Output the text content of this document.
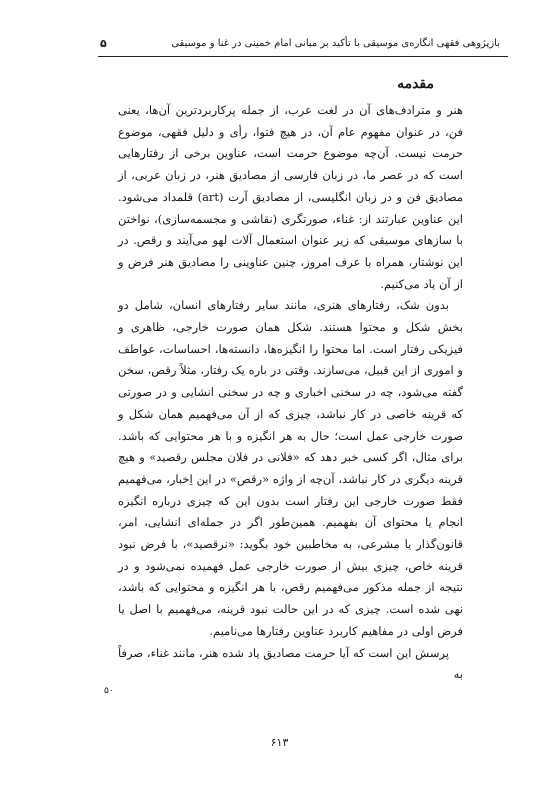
بازپژوهی فقهی انگاره‌ی موسیقی با تأکید بر مبانی امام خمینی در غنا و موسیقی
۵
مقدمه

هنر و مترادف‌های آن در لغت عرب، از جمله پرکاربردترین آن‌ها، یعنی فن، در عنوان مفهوم عام آن، در هیچ فتوا، رأی و دلیل فقهی، موضوع حرمت نیست. آن‌چه موضوع حرمت است، عناوین برخی از رفتارهایی است که در عصر ما، در زبان فارسی از مصادیق هنر، در زبان عربی، از مصادیق فن و در زبان انگلیسی، از مصادیق آرت (art) قلمداد می‌شود. این عناوین عبارتند از: غناء، صورتگری (نقاشی و مجسمه‌سازی)، نواختن با سازهای موسیقی که زیر عنوان استعمال آلات لهو می‌آیند و رقص. در این نوشتار، همراه با عرف امروز، چنین عناوینی را مصادیق هنر فرض و از آن یاد می‌کنیم.

بدون شک، رفتارهای هنری، مانند سایر رفتارهای انسان، شامل دو بخش شکل و محتوا هستند. شکل همان صورت خارجی، ظاهری و فیزیکی رفتار است. اما محتوا را انگیزه‌ها، دانسته‌ها، احساسات، عواطف و اموری از این قبیل، می‌سازند. وقتی در باره یک رفتار، مثلاً رقص، سخن گفته می‌شود، چه در سخنی اخباری و چه در سخنی انشایی و در صورتی که قرینه خاصی در کار نباشد، چیزی که از آن می‌فهمیم همان شکل و صورت خارجی عمل است؛ حال به هر انگیزه و با هر محتوایی که باشد. برای مثال، اگر کسی خبر دهد که «فلانی در فلان مجلس رقصید» و هیچ قرینه دیگری در کار نباشد، آن‌چه از واژه «رقص» در این اِخبار، می‌فهمیم فقط صورت خارجی این رفتار است بدون این که چیزی درباره انگیزه انجام یا محتوای آن بفهمیم. همین‌طور اگر در جمله‌ای انشایی، امر، قانون‌گذار یا مشرعی، به مخاطبین خود بگوید: «نرقصید»، با فرض نبود قرینه خاص، چیزی بیش از صورت خارجی عمل فهمیده نمی‌شود و در نتیجه از جمله مذکور می‌فهمیم رقص، با هر انگیزه و محتوایی که باشد، نهی شده است. چیزی که در این حالت نبود قرینه، می‌فهمیم با اصل یا فرض اولی در مفاهیم کاربرد عناوین رفتارها می‌نامیم.

پرسش این است که آیا حرمت مصادیق یاد شده هنر، مانند غناء، صرفاً به

۵۰
۶۱۳
